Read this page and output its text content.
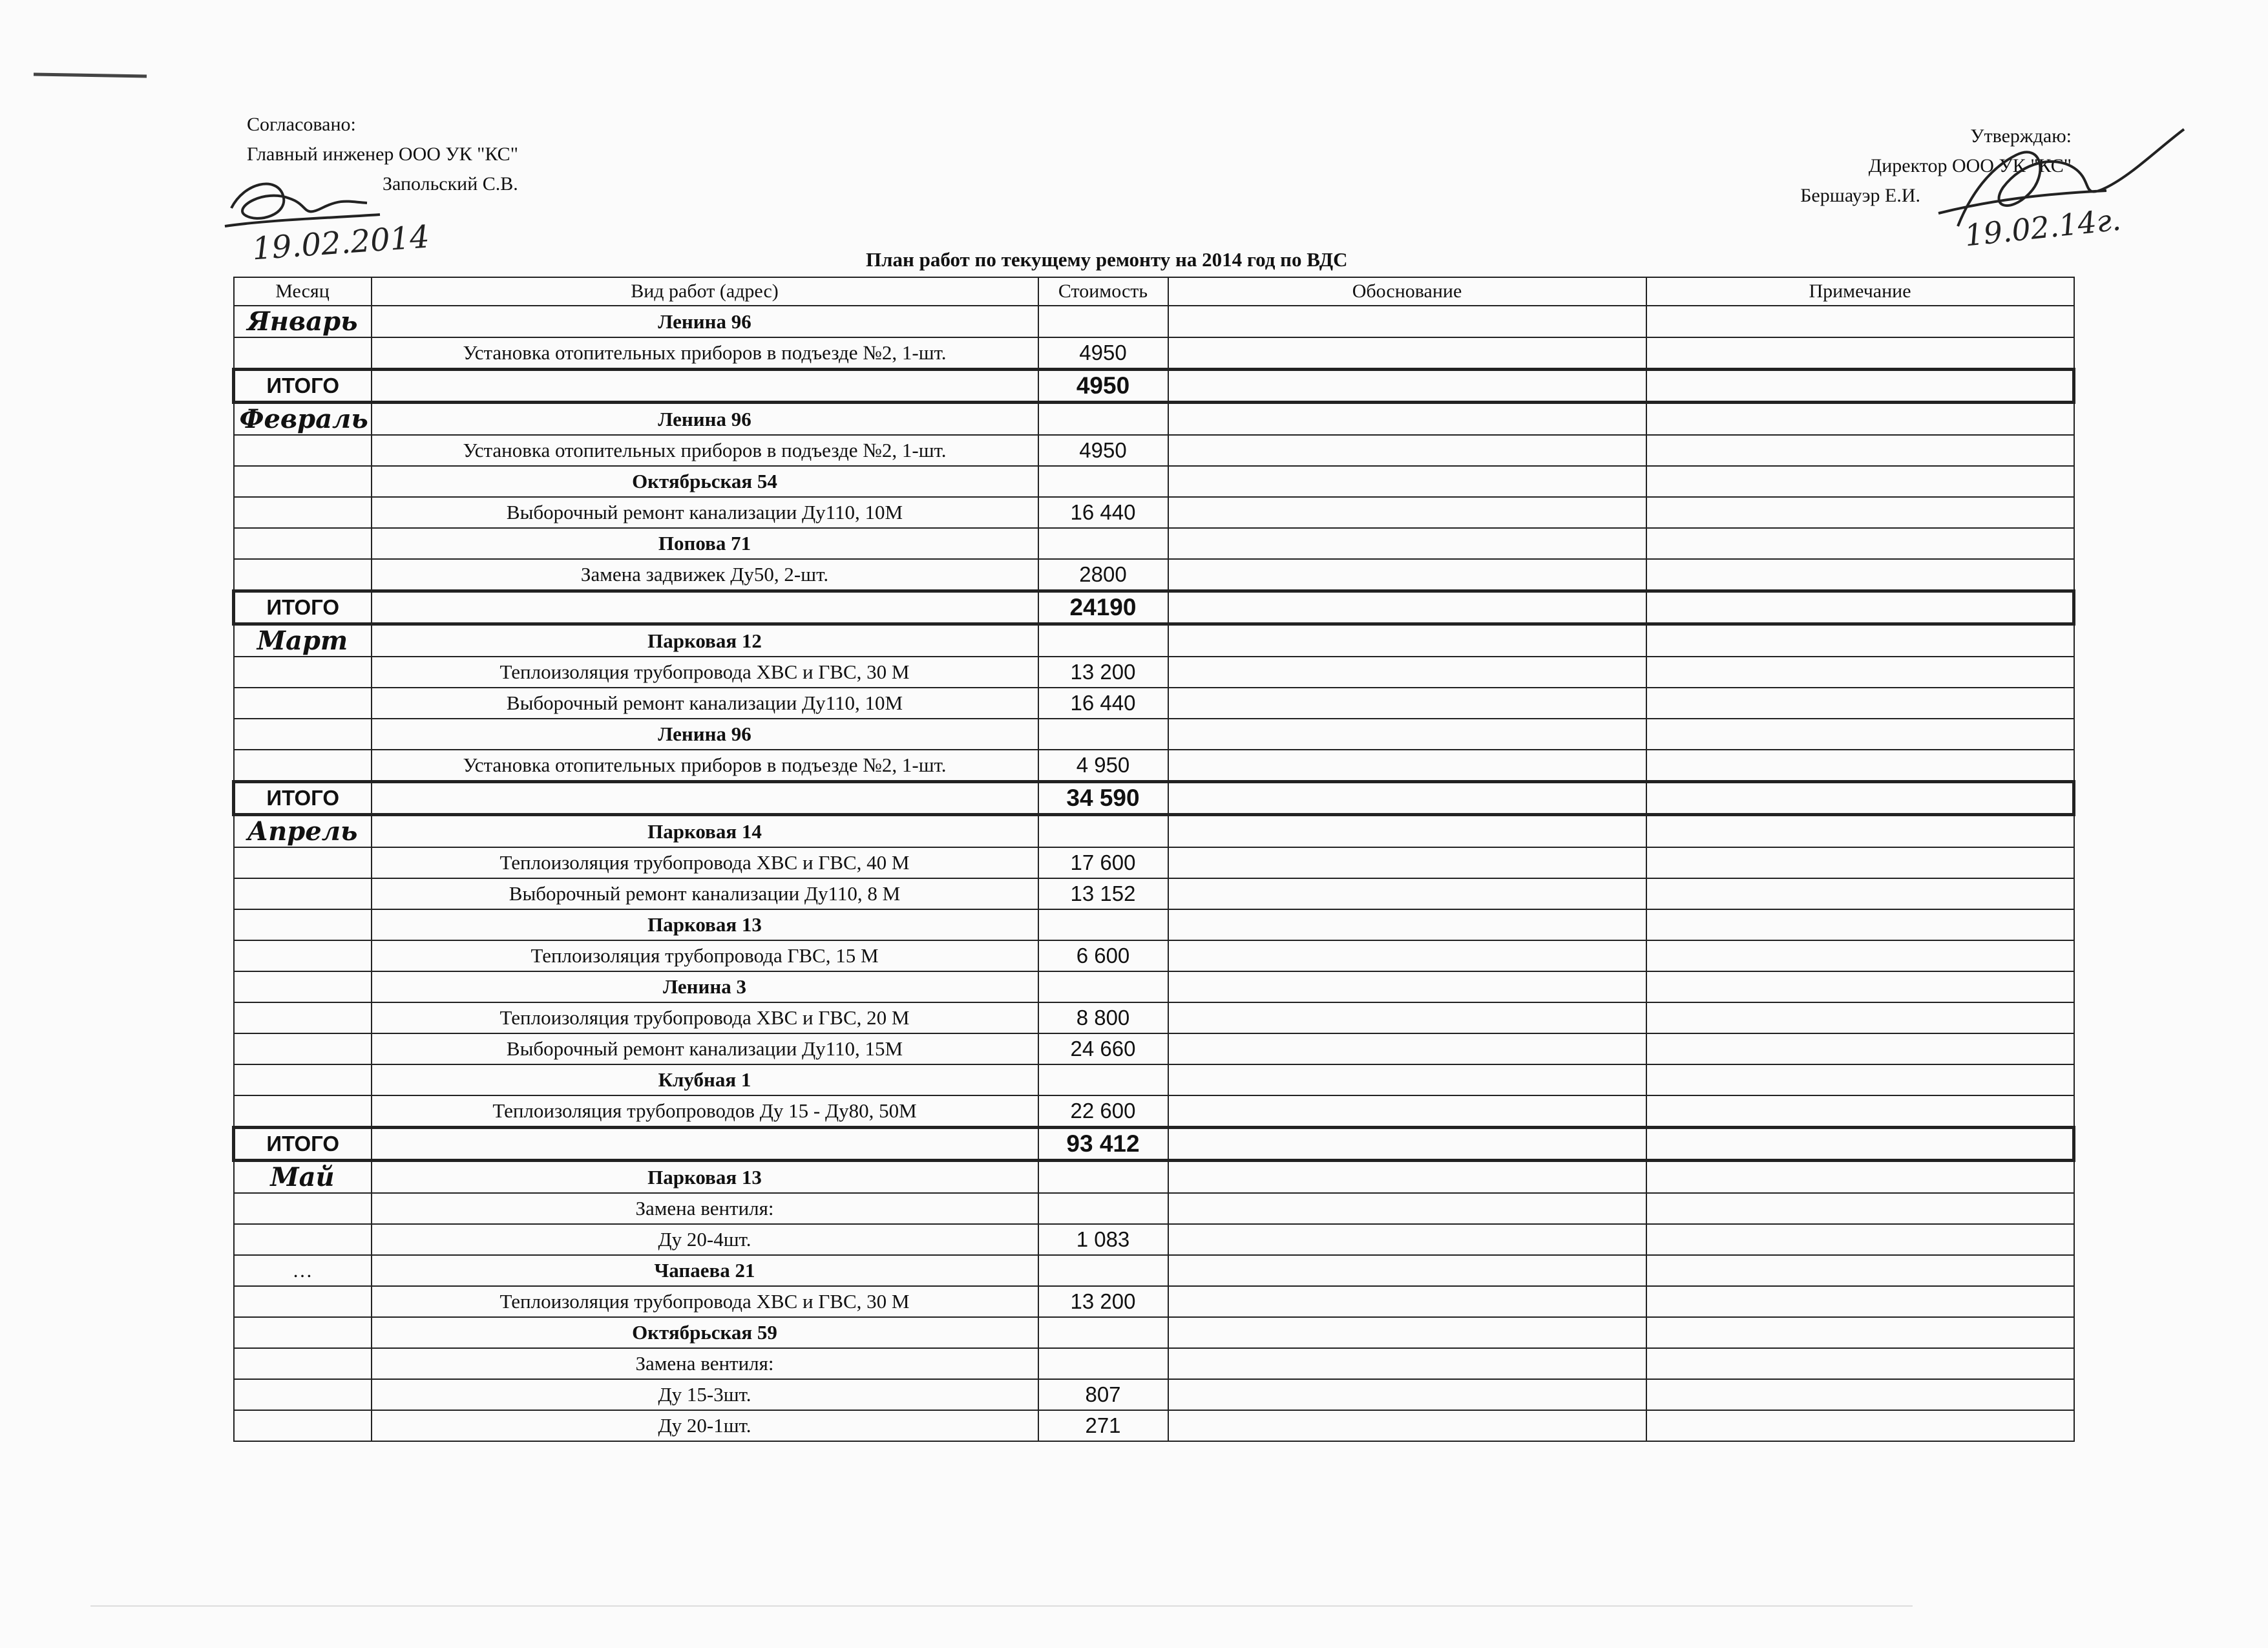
Согласовано:
Главный инженер ООО УК "КС"
Запольский С.В.
19.02.2014
Утверждаю:
Директор ООО УК "КС"
Бершауэр Е.И.
19.02.14г.
План работ по текущему ремонту на 2014 год по ВДС
Месяц	Вид работ (адрес)	Стоимость	Обоснование	Примечание
Январь	Ленина 96			
	Установка отопительных приборов в подъезде №2, 1-шт.	4950		
ИТОГО		4950		
Февраль	Ленина 96			
	Установка отопительных приборов в подъезде №2, 1-шт.	4950		
	Октябрьская 54			
	Выборочный ремонт канализации Ду110, 10М	16 440		
	Попова 71			
	Замена задвижек Ду50, 2-шт.	2800		
ИТОГО		24190		
Март	Парковая 12			
	Теплоизоляция трубопровода ХВС и ГВС, 30 М	13 200		
	Выборочный ремонт канализации Ду110, 10М	16 440		
	Ленина 96			
	Установка отопительных приборов в подъезде №2, 1-шт.	4 950		
ИТОГО		34 590		
Апрель	Парковая 14			
	Теплоизоляция трубопровода ХВС и ГВС, 40 М	17 600		
	Выборочный ремонт канализации Ду110, 8 М	13 152		
	Парковая 13			
	Теплоизоляция трубопровода ГВС, 15 М	6 600		
	Ленина 3			
	Теплоизоляция трубопровода ХВС и ГВС, 20 М	8 800		
	Выборочный ремонт канализации Ду110, 15М	24 660		
	Клубная 1			
	Теплоизоляция трубопроводов Ду 15 - Ду80, 50М	22 600		
ИТОГО		93 412		
Май	Парковая 13			
	Замена вентиля:			
	Ду 20-4шт.	1 083		
…	Чапаева 21			
	Теплоизоляция трубопровода ХВС и ГВС, 30 М	13 200		
	Октябрьская 59			
	Замена вентиля:			
	Ду 15-3шт.	807		
	Ду 20-1шт.	271		
